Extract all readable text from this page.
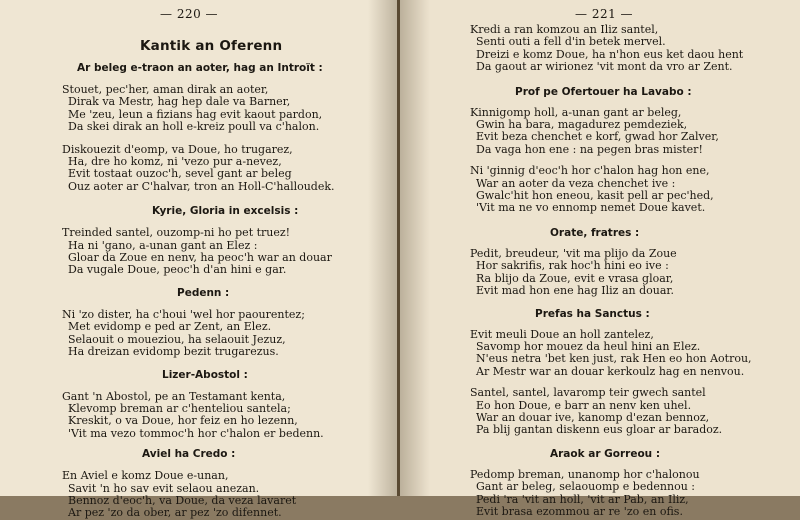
— 220 —
Kantik an Oferenn
Ar beleg e-traon an aoter, hag an Introït :
Stouet, pec'her, aman dirak an aoter,
Dirak va Mestr, hag hep dale va Barner,
Me 'zeu, leun a fizians hag evit kaout pardon,
Da skei dirak an holl e-kreiz poull va c'halon.
Diskouezit d'eomp, va Doue, ho trugarez,
Ha, dre ho komz, ni 'vezo pur a-nevez,
Evit tostaat ouzoc'h, sevel gant ar beleg
Ouz aoter ar C'halvar, tron an Holl-C'halloudek.
Kyrie, Gloria in excelsis :
Treinded santel, ouzomp-ni ho pet truez!
Ha ni 'gano, a-unan gant an Elez :
Gloar da Zoue en nenv, ha peoc'h war an douar
Da vugale Doue, peoc'h d'an hini e gar.
Pedenn :
Ni 'zo dister, ha c'houi 'wel hor paourentez;
Met evidomp e ped ar Zent, an Elez.
Selaouit o moueziou, ha selaouit Jezuz,
Ha dreizan evidomp bezit trugarezus.
Lizer-Abostol :
Gant 'n Abostol, pe an Testamant kenta,
Klevomp breman ar c'henteliou santela;
Kreskit, o va Doue, hor feiz en ho lezenn,
'Vit ma vezo tommoc'h hor c'halon er bedenn.
Aviel ha Credo :
En Aviel e komz Doue e-unan,
Savit 'n ho sav evit selaou anezan.
Bennoz d'eoc'h, va Doue, da veza lavaret
Ar pez 'zo da ober, ar pez 'zo difennet.
— 221 —
Kredi a ran komzou an Iliz santel,
Senti outi a fell d'in betek mervel.
Dreizi e komz Doue, ha n'hon eus ket daou hent
Da gaout ar wirionez 'vit mont da vro ar Zent.
Prof pe Ofertouer ha Lavabo :
Kinnigomp holl, a-unan gant ar beleg,
Gwin ha bara, magadurez pemdeziek,
Evit beza chenchet e korf, gwad hor Zalver,
Da vaga hon ene : na pegen bras mister!
Ni 'ginnig d'eoc'h hor c'halon hag hon ene,
War an aoter da veza chenchet ive :
Gwalc'hit hon eneou, kasit pell ar pec'hed,
'Vit ma ne vo ennomp nemet Doue kavet.
Orate, fratres :
Pedit, breudeur, 'vit ma plijo da Zoue
Hor sakrifis, rak hoc'h hini eo ive :
Ra blijo da Zoue, evit e vrasa gloar,
Evit mad hon ene hag Iliz an douar.
Prefas ha Sanctus :
Evit meuli Doue an holl zantelez,
Savomp hor mouez da heul hini an Elez.
N'eus netra 'bet ken just, rak Hen eo hon Aotrou,
Ar Mestr war an douar kerkoulz hag en nenvou.
Santel, santel, lavaromp teir gwech santel
Eo hon Doue, e barr an nenv ken uhel.
War an douar ive, kanomp d'ezan bennoz,
Pa blij gantan diskenn eus gloar ar baradoz.
Araok ar Gorreou :
Pedomp breman, unanomp hor c'halonou
Gant ar beleg, selaouomp e bedennou :
Pedi 'ra 'vit an holl, 'vit ar Pab, an Iliz,
Evit brasa ezommou ar re 'zo en ofis.
